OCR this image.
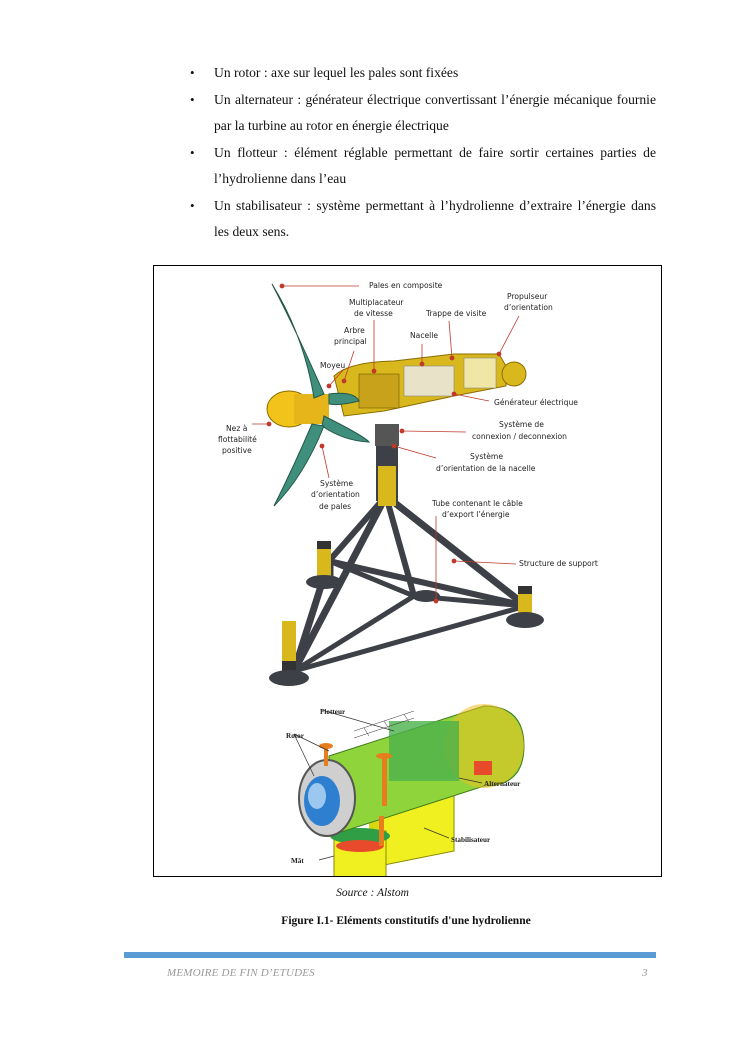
• Un rotor : axe sur lequel les pales sont fixées
• Un alternateur : générateur électrique convertissant l’énergie mécanique fournie par la turbine au rotor en énergie électrique
• Un flotteur : élément réglable permettant de faire sortir certaines parties de l’hydrolienne dans l’eau
• Un stabilisateur : système permettant à l’hydrolienne d’extraire l’énergie dans les deux sens.
Pales en composite
Multiplacateur
de vitesse	Trappe de visite
Propulseur
d’orientation
Arbre
principal
Nacelle
Moyeu
Générateur électrique
Nez à
flottabilité
positive
Système de
connexion / deconnexion
Système
d’orientation de la nacelle
Système
d’orientation
de pales	Tube contenant le câble
d’export l’énergie
Structure de support
Flotteur
Rotor
Alternateur
Stabilisateur
Mât
Source : Alstom
Figure I.1- Eléments constitutifs d'une hydrolienne
MEMOIRE DE FIN D’ETUDES	3
